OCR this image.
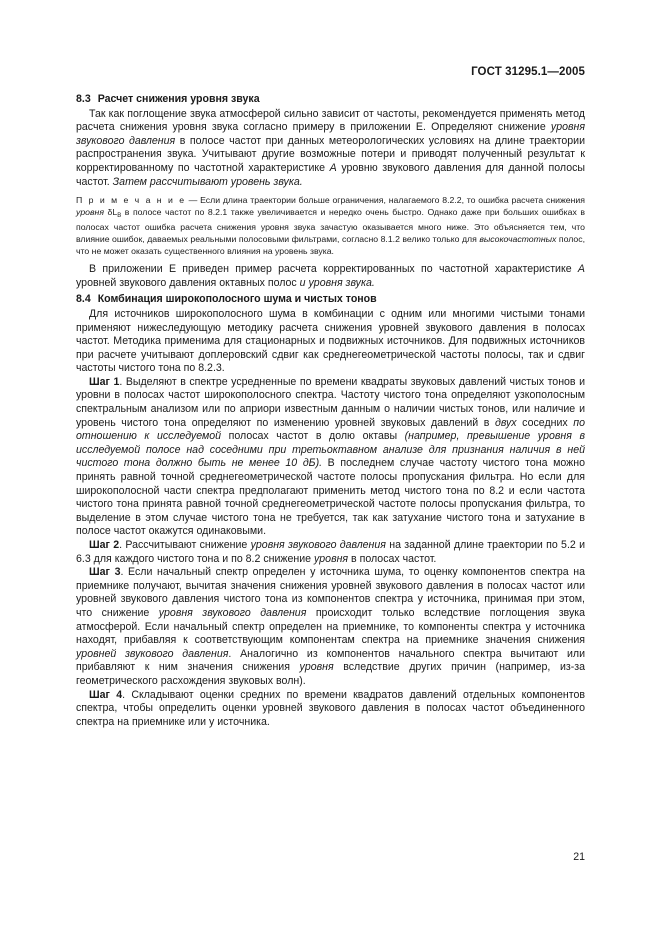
ГОСТ 31295.1—2005
8.3 Расчет снижения уровня звука

Так как поглощение звука атмосферой сильно зависит от частоты, рекомендуется применять метод расчета снижения уровня звука согласно примеру в приложении Е. Определяют снижение уровня звукового давления в полосе частот при данных метеорологических условиях на длине траектории распространения звука. Учитывают другие возможные потери и приводят полученный результат к корректированному по частотной характеристике А уровню звукового давления для данной полосы частот. Затем рассчитывают уровень звука.

П р и м е ч а н и е — Если длина траектории больше ограничения, налагаемого 8.2.2, то ошибка расчета снижения уровня $\delta L_B$ в полосе частот по 8.2.1 также увеличивается и нередко очень быстро. Однако даже при больших ошибках в полосах частот ошибка расчета снижения уровня звука зачастую оказывается много ниже. Это объясняется тем, что влияние ошибок, даваемых реальными полосовыми фильтрами, согласно 8.1.2 велико только для высокочастотных полос, что не может оказать существенного влияния на уровень звука.

В приложении Е приведен пример расчета корректированных по частотной характеристике А уровней звукового давления октавных полос и уровня звука.

8.4 Комбинация широкополосного шума и чистых тонов

Для источников широкополосного шума в комбинации с одним или многими чистыми тонами применяют нижеследующую методику расчета снижения уровней звукового давления в полосах частот. Методика применима для стационарных и подвижных источников. Для подвижных источников при расчете учитывают доплеровский сдвиг как среднегеометрической частоты полосы, так и сдвиг частоты чистого тона по 8.2.3.

Шаг 1. Выделяют в спектре усредненные по времени квадраты звуковых давлений чистых тонов и уровни в полосах частот широкополосного спектра. Частоту чистого тона определяют узкополосным спектральным анализом или по априори известным данным о наличии чистых тонов, или наличие и уровень чистого тона определяют по изменению уровней звуковых давлений в двух соседних по отношению к исследуемой полосах частот в долю октавы (например, превышение уровня в исследуемой полосе над соседними при третьоктавном анализе для признания наличия в ней чистого тона должно быть не менее 10 дБ). В последнем случае частоту чистого тона можно принять равной точной среднегеометрической частоте полосы пропускания фильтра. Но если для широкополосной части спектра предполагают применить метод чистого тона по 8.2 и если частота чистого тона принята равной точной среднегеометрической частоте полосы пропускания фильтра, то выделение в этом случае чистого тона не требуется, так как затухание чистого тона и затухание в полосе частот окажутся одинаковыми.

Шаг 2. Рассчитывают снижение уровня звукового давления на заданной длине траектории по 5.2 и 6.3 для каждого чистого тона и по 8.2 снижение уровня в полосах частот.

Шаг 3. Если начальный спектр определен у источника шума, то оценку компонентов спектра на приемнике получают, вычитая значения снижения уровней звукового давления в полосах частот или уровней звукового давления чистого тона из компонентов спектра у источника, принимая при этом, что снижение уровня звукового давления происходит только вследствие поглощения звука атмосферой. Если начальный спектр определен на приемнике, то компоненты спектра у источника находят, прибавляя к соответствующим компонентам спектра на приемнике значения снижения уровней звукового давления. Аналогично из компонентов начального спектра вычитают или прибавляют к ним значения снижения уровня вследствие других причин (например, из-за геометрического расхождения звуковых волн).

Шаг 4. Складывают оценки средних по времени квадратов давлений отдельных компонентов спектра, чтобы определить оценки уровней звукового давления в полосах частот объединенного спектра на приемнике или у источника.

21
